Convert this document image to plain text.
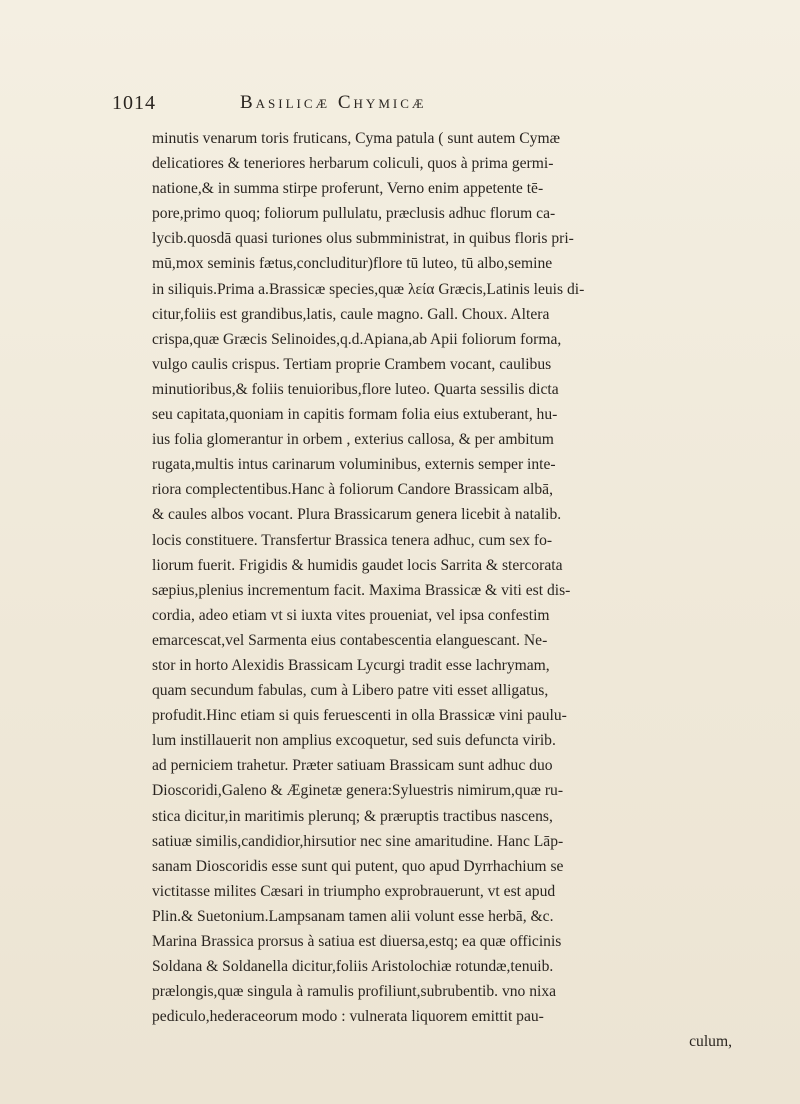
1014	Basilicæ Chymicæ
minutis venarum toris fruticans, Cyma patula ( sunt autem Cymæ
delicatiores & teneriores herbarum coliculi, quos à prima germi-
natione,& in summa stirpe proferunt, Verno enim appetente tē-
pore,primo quoq; foliorum pullulatu, præclusis adhuc florum ca-
lycib.quosdā quasi turiones olus submministrat, in quibus floris pri-
mū,mox seminis fætus,concluditur)flore tū luteo, tū albo,semine
in siliquis.Prima a.Brassicæ species,quæ λεία Græcis,Latinis leuis di-
citur,foliis est grandibus,latis, caule magno. Gall. Choux. Altera
crispa,quæ Græcis Selinoides,q.d.Apiana,ab Apii foliorum forma,
vulgo caulis crispus. Tertiam proprie Crambem vocant, caulibus
minutioribus,& foliis tenuioribus,flore luteo. Quarta sessilis dicta
seu capitata,quoniam in capitis formam folia eius extuberant, hu-
ius folia glomerantur in orbem , exterius callosa, & per ambitum
rugata,multis intus carinarum voluminibus, externis semper inte-
riora complectentibus.Hanc à foliorum Candore Brassicam albā,
& caules albos vocant. Plura Brassicarum genera licebit à natalib.
locis constituere. Transfertur Brassica tenera adhuc, cum sex fo-
liorum fuerit. Frigidis & humidis gaudet locis Sarrita & stercorata
sæpius,plenius incrementum facit. Maxima Brassicæ & viti est dis-
cordia, adeo etiam vt si iuxta vites proueniat, vel ipsa confestim
emarcescat,vel Sarmenta eius contabescentia elanguescant. Ne-
stor in horto Alexidis Brassicam Lycurgi tradit esse lachrymam,
quam secundum fabulas, cum à Libero patre viti esset alligatus,
profudit.Hinc etiam si quis feruescenti in olla Brassicæ vini paulu-
lum instillauerit non amplius excoquetur, sed suis defuncta virib.
ad perniciem trahetur. Præter satiuam Brassicam sunt adhuc duo
Dioscoridi,Galeno & Æginetæ genera:Syluestris nimirum,quæ ru-
stica dicitur,in maritimis plerunq; & præruptis tractibus nascens,
satiuæ similis,candidior,hirsutior nec sine amaritudine. Hanc Lāp-
sanam Dioscoridis esse sunt qui putent, quo apud Dyrrhachium se
victitasse milites Cæsari in triumpho exprobrauerunt, vt est apud
Plin.& Suetonium.Lampsanam tamen alii volunt esse herbā, &c.
Marina Brassica prorsus à satiua est diuersa,estq; ea quæ officinis
Soldana & Soldanella dicitur,foliis Aristolochiæ rotundæ,tenuib.
prælongis,quæ singula à ramulis profiliunt,subrubentib. vno nixa
pediculo,hederaceorum modo : vulnerata liquorem emittit pau-
culum,
